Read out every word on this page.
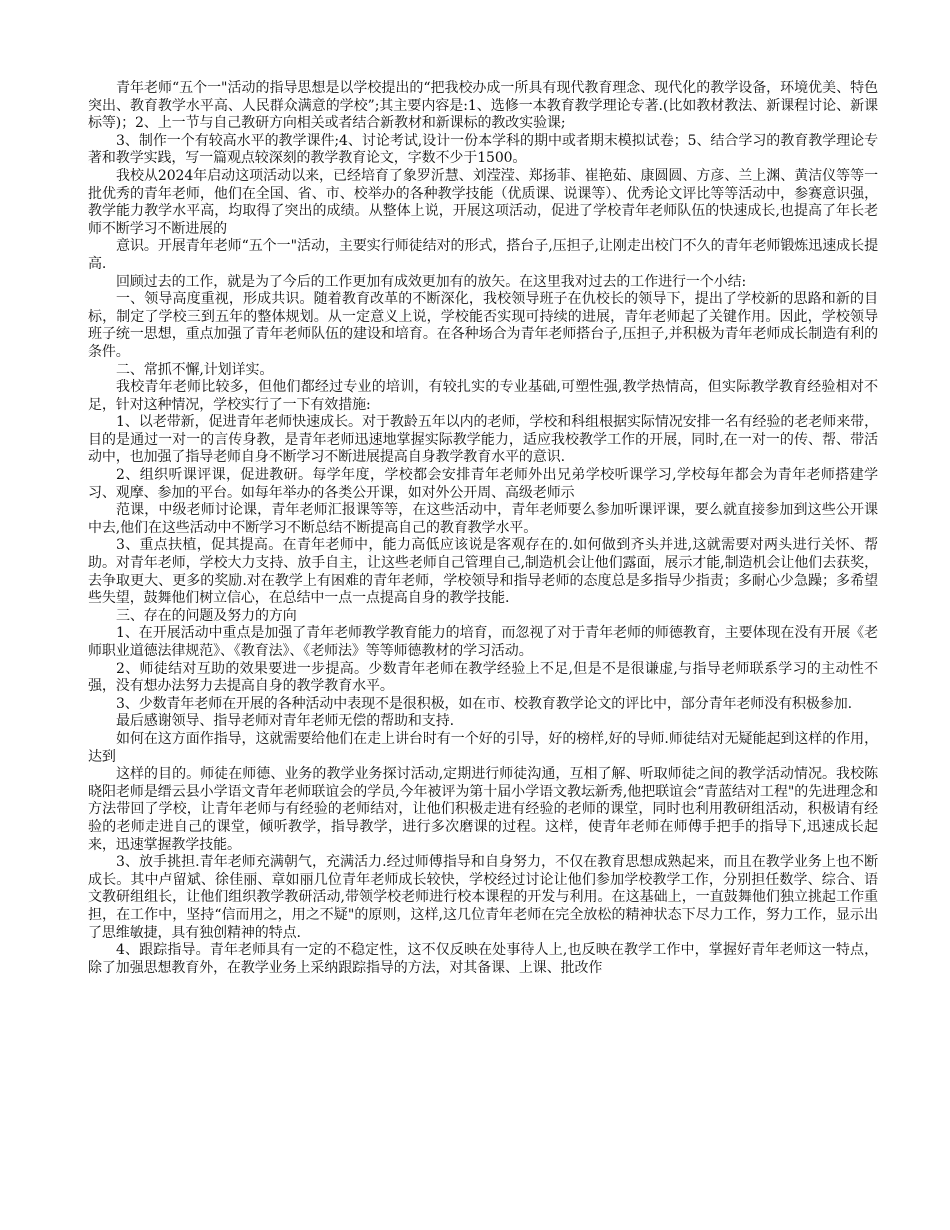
青年老师“五个一"活动的指导思想是以学校提出的“把我校办成一所具有现代教育理念、现代化的教学设备，环境优美、特色突出、教育教学水平高、人民群众满意的学校”;其主要内容是:1、选修一本教育教学理论专著.(比如教材教法、新课程讨论、新课标等)；2、上一节与自己教研方向相关或者结合新教材和新课标的教改实验课;

3、制作一个有较高水平的教学课件;4、讨论考试,设计一份本学科的期中或者期末模拟试卷；5、结合学习的教育教学理论专著和教学实践，写一篇观点较深刻的教学教育论文，字数不少于1500。

我校从2024年启动这项活动以来，已经培育了象罗沂慧、刘滢滢、郑扬菲、崔艳茹、康圆圆、方彦、兰上渊、黄洁仪等等一批优秀的青年老师，他们在全国、省、市、校举办的各种教学技能（优质课、说课等）、优秀论文评比等等活动中，参赛意识强，教学能力教学水平高，均取得了突出的成绩。从整体上说，开展这项活动，促进了学校青年老师队伍的快速成长,也提高了年长老师不断学习不断进展的

意识。开展青年老师“五个一"活动，主要实行师徒结对的形式，搭台子,压担子,让刚走出校门不久的青年老师锻炼迅速成长提高.

回顾过去的工作，就是为了今后的工作更加有成效更加有的放矢。在这里我对过去的工作进行一个小结:

一、领导高度重视，形成共识。随着教育改革的不断深化，我校领导班子在仇校长的领导下，提出了学校新的思路和新的目标，制定了学校三到五年的整体规划。从一定意义上说，学校能否实现可持续的进展，青年老师起了关键作用。因此，学校领导班子统一思想，重点加强了青年老师队伍的建设和培育。在各种场合为青年老师搭台子,压担子,并积极为青年老师成长制造有利的条件。

二、常抓不懈,计划详实。

我校青年老师比较多，但他们都经过专业的培训，有较扎实的专业基础,可塑性强,教学热情高，但实际教学教育经验相对不足，针对这种情况，学校实行了一下有效措施:

1、以老带新，促进青年老师快速成长。对于教龄五年以内的老师，学校和科组根据实际情况安排一名有经验的老老师来带，目的是通过一对一的言传身教，是青年老师迅速地掌握实际教学能力，适应我校教学工作的开展，同时,在一对一的传、帮、带活动中，也加强了指导老师自身不断学习不断进展提高自身教学教育水平的意识.

2、组织听课评课，促进教研。每学年度，学校都会安排青年老师外出兄弟学校听课学习,学校每年都会为青年老师搭建学习、观摩、参加的平台。如每年举办的各类公开课，如对外公开周、高级老师示

范课，中级老师讨论课，青年老师汇报课等等，在这些活动中，青年老师要么参加听课评课，要么就直接参加到这些公开课中去,他们在这些活动中不断学习不断总结不断提高自己的教育教学水平。

3、重点扶植，促其提高。在青年老师中，能力高低应该说是客观存在的.如何做到齐头并进,这就需要对两头进行关怀、帮助。对青年老师，学校大力支持、放手自主，让这些老师自己管理自己,制造机会让他们露面，展示才能,制造机会让他们去获奖，去争取更大、更多的奖励.对在教学上有困难的青年老师，学校领导和指导老师的态度总是多指导少指责；多耐心少急躁；多希望些失望，鼓舞他们树立信心，在总结中一点一点提高自身的教学技能.

三、存在的问题及努力的方向

1、在开展活动中重点是加强了青年老师教学教育能力的培育，而忽视了对于青年老师的师德教育，主要体现在没有开展《老师职业道德法律规范》、《教育法》、《老师法》等等师德教材的学习活动。

2、师徒结对互助的效果要进一步提高。少数青年老师在教学经验上不足,但是不是很谦虚,与指导老师联系学习的主动性不强，没有想办法努力去提高自身的教学教育水平。

3、少数青年老师在开展的各种活动中表现不是很积极，如在市、校教育教学论文的评比中，部分青年老师没有积极参加.

最后感谢领导、指导老师对青年老师无偿的帮助和支持.

如何在这方面作指导，这就需要给他们在走上讲台时有一个好的引导，好的榜样,好的导师.师徒结对无疑能起到这样的作用，达到

这样的目的。师徒在师德、业务的教学业务探讨活动,定期进行师徒沟通，互相了解、听取师徒之间的教学活动情况。我校陈晓阳老师是缙云县小学语文青年老师联谊会的学员,今年被评为第十届小学语文教坛新秀,他把联谊会“青蓝结对工程"的先进理念和方法带回了学校，让青年老师与有经验的老师结对，让他们积极走进有经验的老师的课堂，同时也利用教研组活动，积极请有经验的老师走进自己的课堂，倾听教学，指导教学，进行多次磨课的过程。这样，使青年老师在师傅手把手的指导下,迅速成长起来，迅速掌握教学技能。

3、放手挑担.青年老师充满朝气，充满活力.经过师傅指导和自身努力，不仅在教育思想成熟起来，而且在教学业务上也不断成长。其中卢留斌、徐佳丽、章如丽几位青年老师成长较快，学校经过讨论让他们参加学校教学工作，分别担任数学、综合、语文教研组组长，让他们组织教学教研活动,带领学校老师进行校本课程的开发与利用。在这基础上，一直鼓舞他们独立挑起工作重担，在工作中，坚持“信而用之，用之不疑"的原则，这样,这几位青年老师在完全放松的精神状态下尽力工作，努力工作，显示出了思维敏捷，具有独创精神的特点.

4、跟踪指导。青年老师具有一定的不稳定性，这不仅反映在处事待人上,也反映在教学工作中，掌握好青年老师这一特点，除了加强思想教育外，在教学业务上采纳跟踪指导的方法，对其备课、上课、批改作
